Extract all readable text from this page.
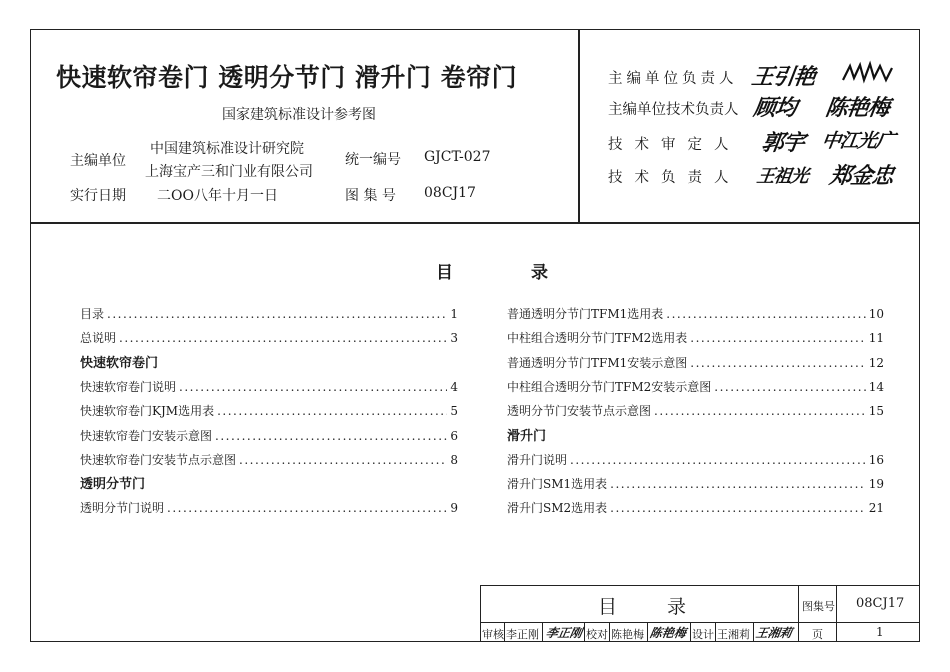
快速软帘卷门 透明分节门 滑升门 卷帘门
国家建筑标准设计参考图
主编单位
中国建筑标准设计研究院
上海宝产三和门业有限公司
实行日期 二OO八年十月一日
统一编号 GJCT-027
图 集 号 08CJ17
主编单位负责人 王引艳
主编单位技术负责人 顾均 陈艳梅
技术审定人 郭宇 中江光广
技术负责人 王祖光 郑金忠
目　　　　录
目录 .....	1
总说明 .....	3
快速软帘卷门
快速软帘卷门说明 .....	4
快速软帘卷门KJM选用表 .....	5
快速软帘卷门安装示意图 .....	6
快速软帘卷门安装节点示意图 .....	8
透明分节门
透明分节门说明 .....	9
普通透明分节门TFM1选用表 .....	10
中柱组合透明分节门TFM2选用表 .....	11
普通透明分节门TFM1安装示意图 .....	12
中柱组合透明分节门TFM2安装示意图 .....	14
透明分节门安装节点示意图 .....	15
滑升门
滑升门说明 .....	16
滑升门SM1选用表 .....	19
滑升门SM2选用表 .....	21
目　　录	图集号 08CJ17
页	1
审核 李正刚 李正刚 校对 陈艳梅 陈艳梅 设计 王湘莉 王湘莉
